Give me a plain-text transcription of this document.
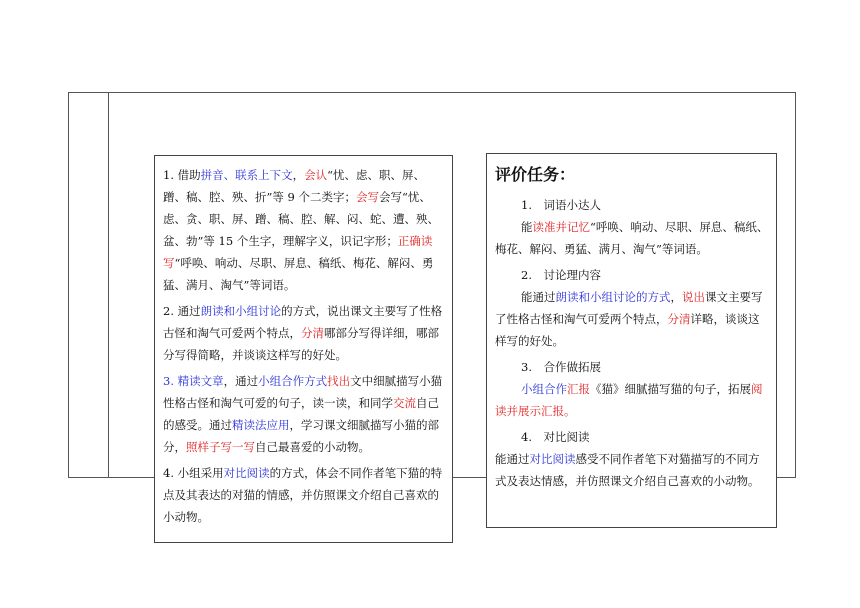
1. 借助拼音、联系上下文，会认“忧、虑、职、屏、蹭、稿、腔、殃、折”等 9 个二类字；会写会写“忧、虑、贪、职、屏、蹭、稿、腔、解、闷、蛇、遭、殃、盆、勃”等 15 个生字，理解字义，识记字形；正确读写“呼唤、响动、尽职、屏息、稿纸、梅花、解闷、勇猛、满月、淘气”等词语。

2. 通过朗读和小组讨论的方式，说出课文主要写了性格古怪和淘气可爱两个特点，分清哪部分写得详细，哪部分写得简略，并谈谈这样写的好处。

3. 精读文章，通过小组合作方式找出文中细腻描写小猫性格古怪和淘气可爱的句子，读一读，和同学交流自己的感受。通过精读法应用，学习课文细腻描写小猫的部分，照样子写一写自己最喜爱的小动物。

4. 小组采用对比阅读的方式，体会不同作者笔下猫的特点及其表达的对猫的情感，并仿照课文介绍自己喜欢的小动物。

评价任务：

1.　词语小达人

能读准并记忆“呼唤、响动、尽职、屏息、稿纸、梅花、解闷、勇猛、满月、淘气”等词语。

2.　讨论理内容

能通过朗读和小组讨论的方式，说出课文主要写了性格古怪和淘气可爱两个特点，分清详略，谈谈这样写的好处。

3.　合作做拓展

小组合作汇报《猫》细腻描写猫的句子，拓展阅读并展示汇报。

4.　对比阅读

能通过对比阅读感受不同作者笔下对猫描写的不同方式及表达情感，并仿照课文介绍自己喜欢的小动物。
